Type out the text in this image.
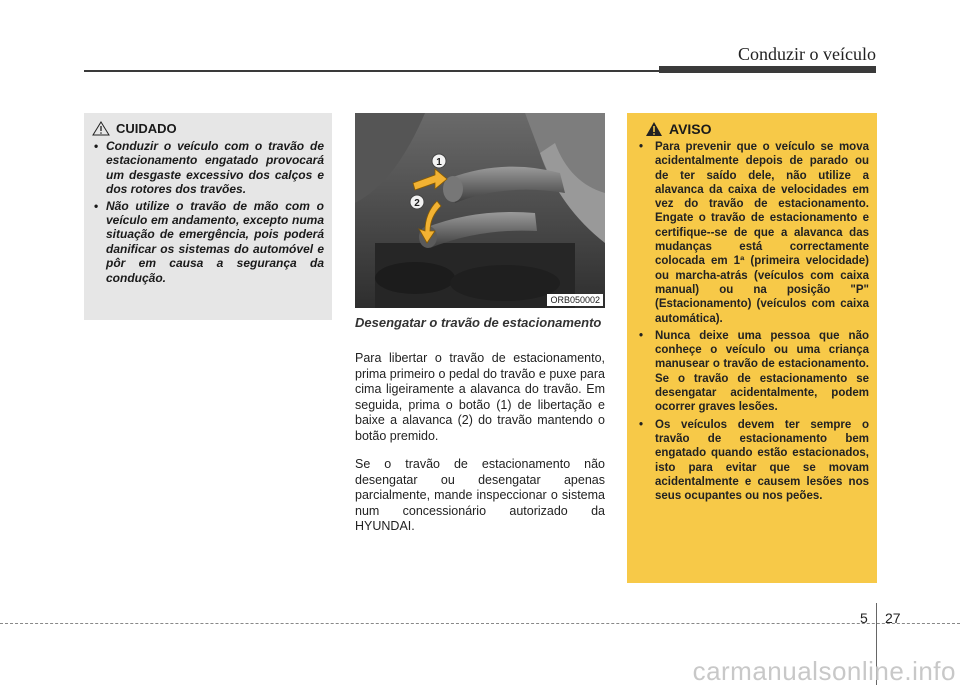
Conduzir o veículo
CUIDADO
• Conduzir o veículo com o travão de estacionamento engatado provocará um desgaste excessivo dos calços e dos rotores dos travões.
• Não utilize o travão de mão com o veículo em andamento, excepto numa situação de emergência, pois poderá danificar os sistemas do automóvel e pôr em causa a segurança da condução.
1
2
ORB050002
Desengatar o travão de estacionamento

Para libertar o travão de estacionamento, prima primeiro o pedal do travão e puxe para cima ligeiramente a alavanca do travão. Em seguida, prima o botão (1) de libertação e baixe a alavanca (2) do travão mantendo o botão premido.

Se o travão de estacionamento não desengatar ou desengatar apenas parcialmente, mande inspeccionar o sistema num concessionário autorizado da HYUNDAI.

AVISO
• Para prevenir que o veículo se mova acidentalmente depois de parado ou de ter saído dele, não utilize a alavanca da caixa de velocidades em vez do travão de estacionamento. Engate o travão de estacionamento e certifique--se de que a alavanca das mudanças está correctamente colocada em 1ª (primeira velocidade) ou marcha-atrás (veículos com caixa manual) ou na posição "P" (Estacionamento) (veículos com caixa automática).
• Nunca deixe uma pessoa que não conheçe o veículo ou uma criança manusear o travão de estacionamento. Se o travão de estacionamento se desengatar acidentalmente, podem ocorrer graves lesões.
• Os veículos devem ter sempre o travão de estacionamento bem engatado quando estão estacionados, isto para evitar que se movam acidentalmente e causem lesões nos seus ocupantes ou nos peões.
5 27
carmanualsonline.info
